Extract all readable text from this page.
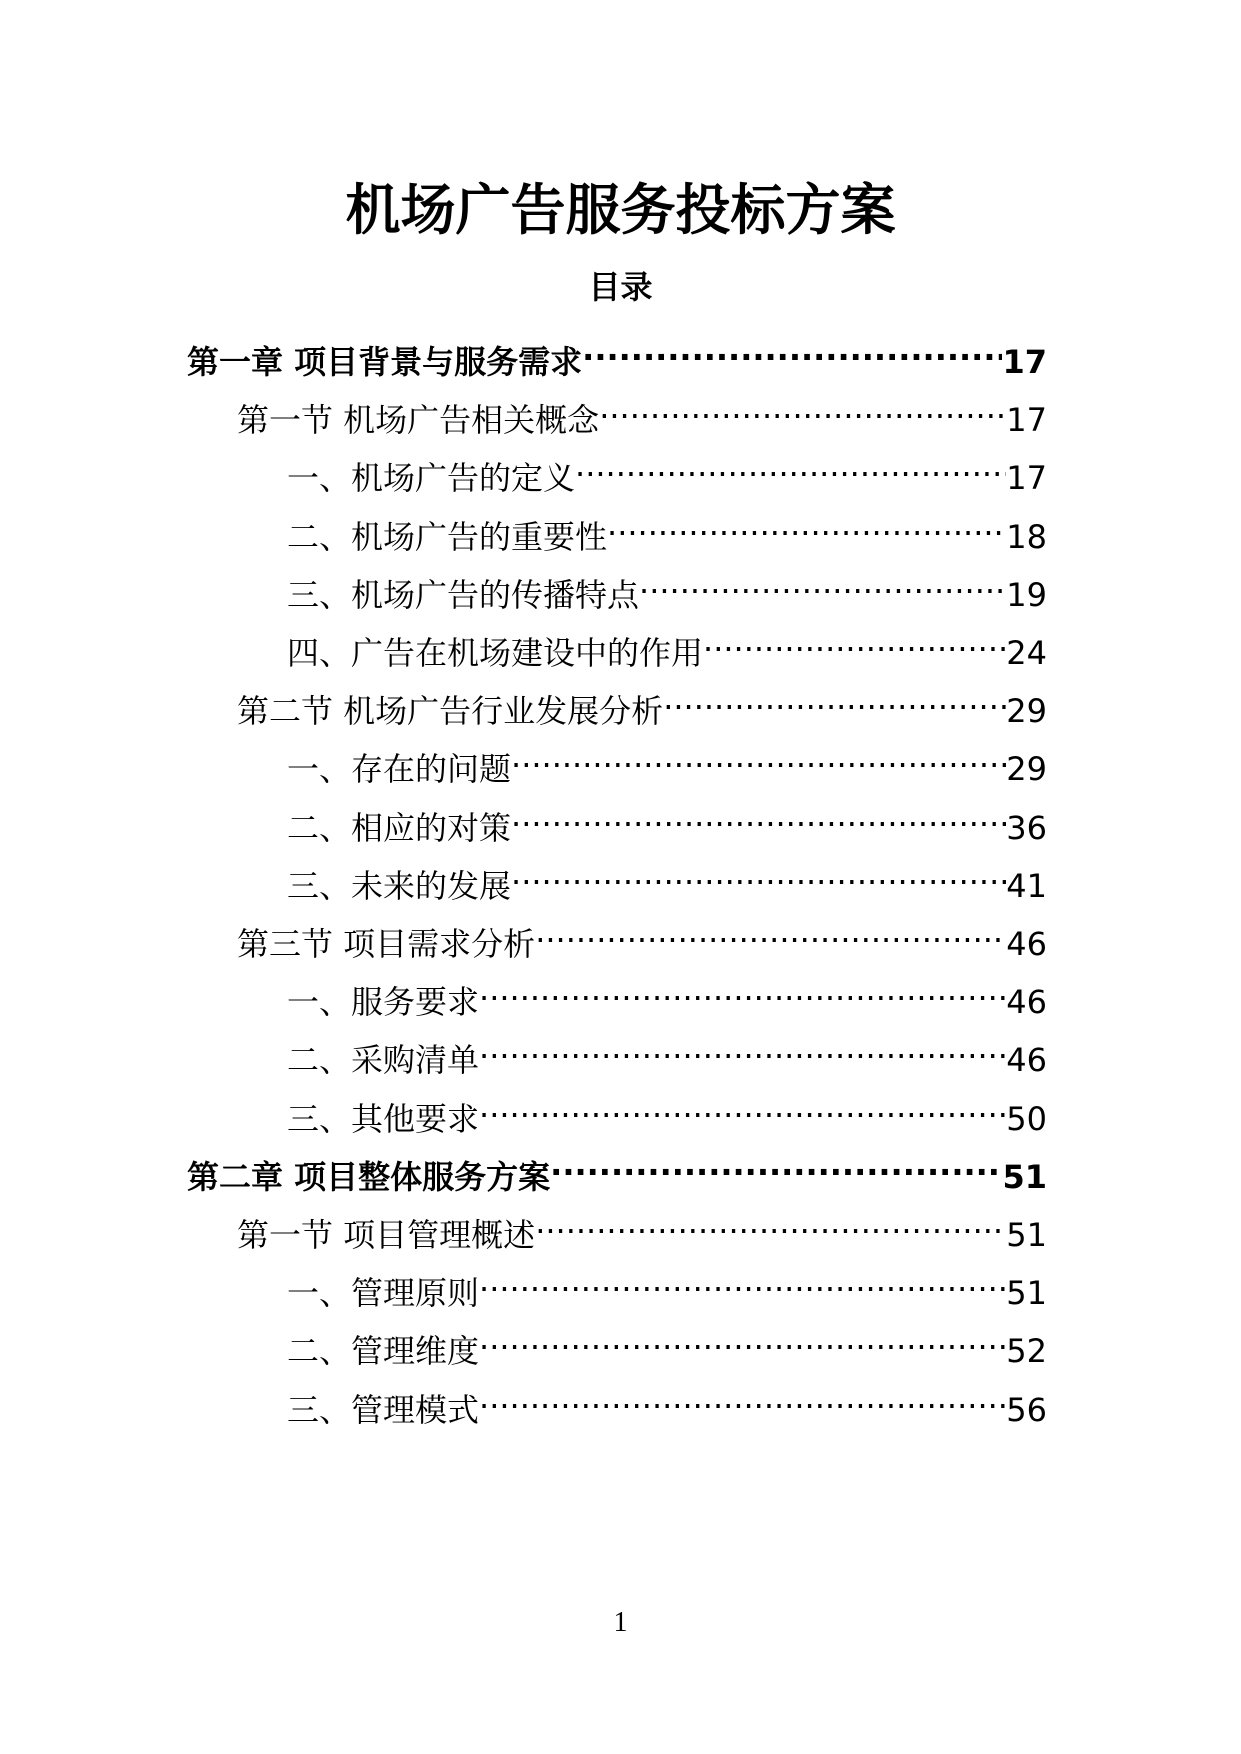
机场广告服务投标方案
目录
第一章 项目背景与服务需求 .....	17
第一节 机场广告相关概念 .....	17
一、机场广告的定义 .....	17
二、机场广告的重要性 .....	18
三、机场广告的传播特点 .....	19
四、广告在机场建设中的作用 .....	24
第二节 机场广告行业发展分析 .....	29
一、存在的问题 .....	29
二、相应的对策 .....	36
三、未来的发展 .....	41
第三节 项目需求分析 .....	46
一、服务要求 .....	46
二、采购清单 .....	46
三、其他要求 .....	50
第二章 项目整体服务方案 .....	51
第一节 项目管理概述 .....	51
一、管理原则 .....	51
二、管理维度 .....	52
三、管理模式 .....	56
1
